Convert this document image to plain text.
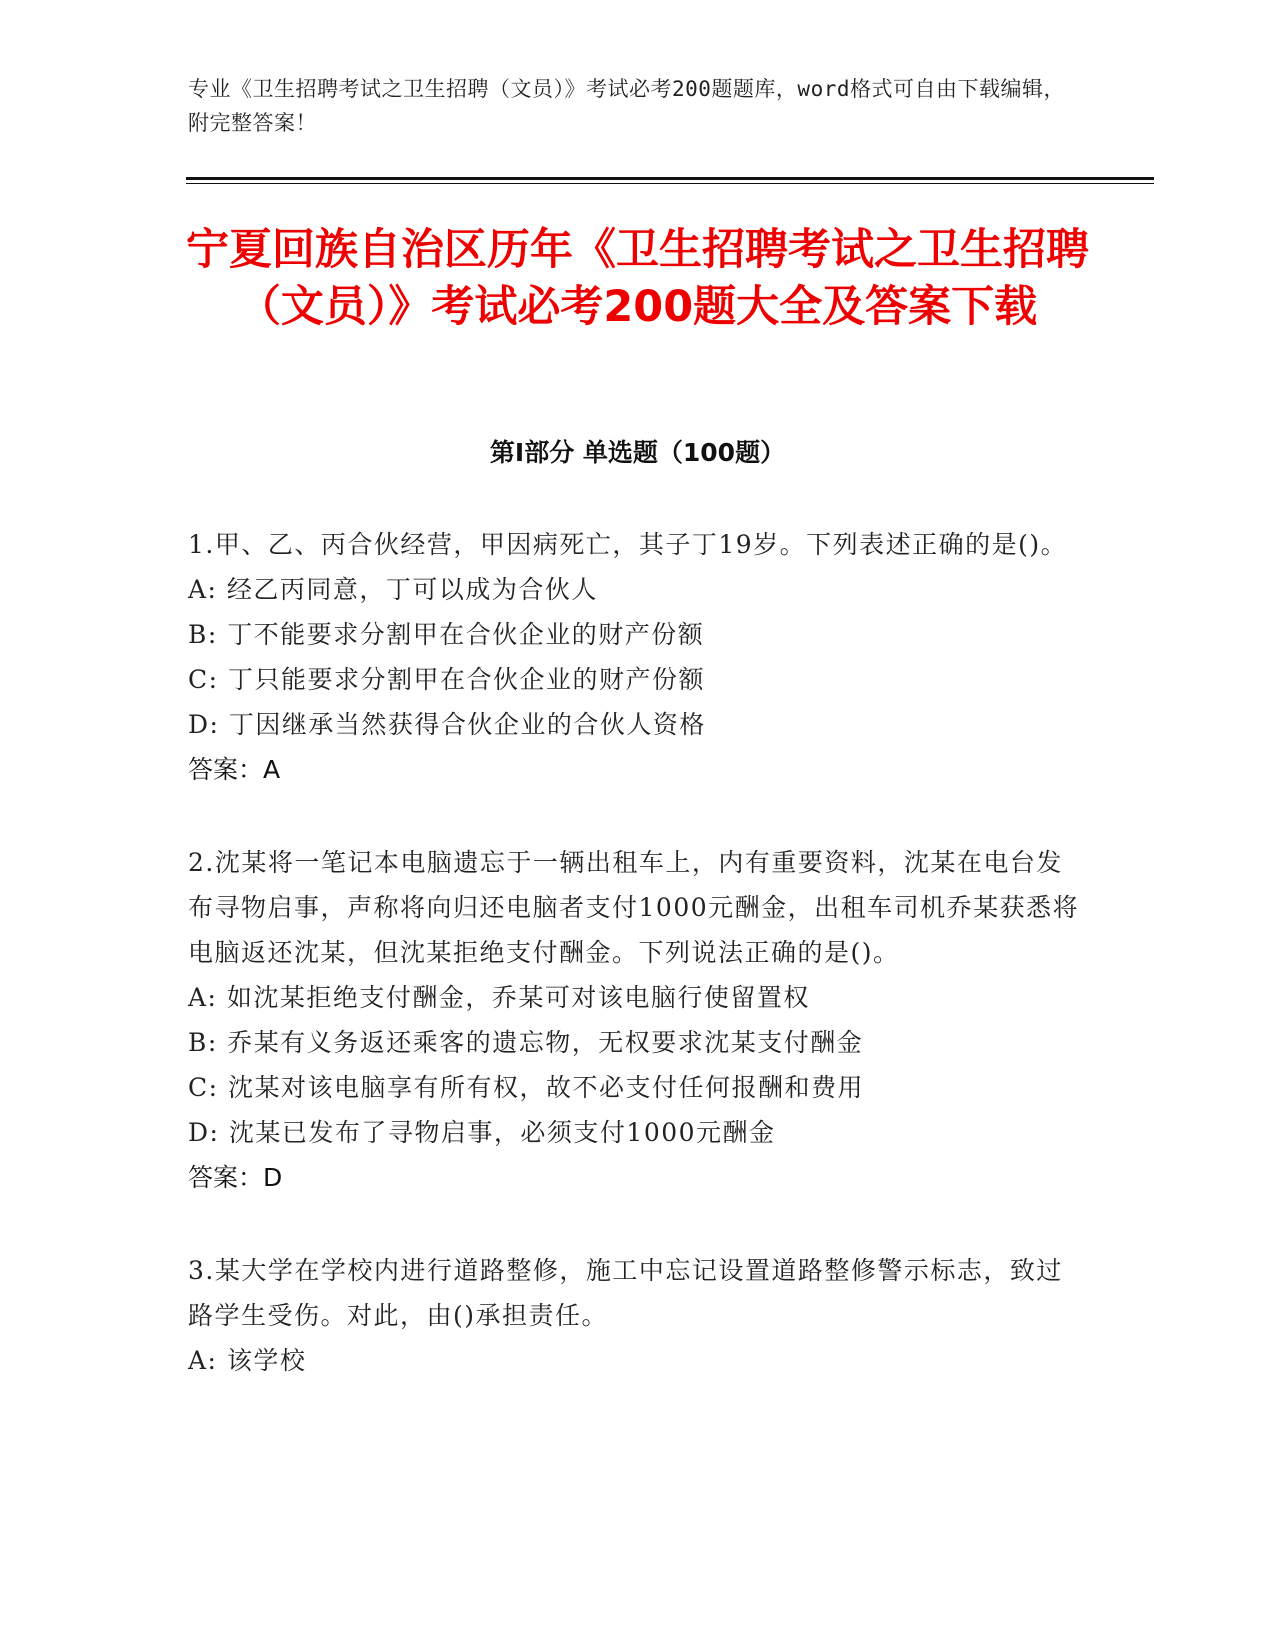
专业《卫生招聘考试之卫生招聘（文员）》考试必考200题题库，word格式可自由下载编辑，附完整答案！
宁夏回族自治区历年《卫生招聘考试之卫生招聘（文员）》考试必考200题大全及答案下载
第Ⅰ部分 单选题（100题）

1.甲、乙、丙合伙经营，甲因病死亡，其子丁19岁。下列表述正确的是()。

A: 经乙丙同意，丁可以成为合伙人

B: 丁不能要求分割甲在合伙企业的财产份额

C: 丁只能要求分割甲在合伙企业的财产份额

D: 丁因继承当然获得合伙企业的合伙人资格

答案：A

2.沈某将一笔记本电脑遗忘于一辆出租车上，内有重要资料，沈某在电台发布寻物启事，声称将向归还电脑者支付1000元酬金，出租车司机乔某获悉将电脑返还沈某，但沈某拒绝支付酬金。下列说法正确的是()。

A: 如沈某拒绝支付酬金，乔某可对该电脑行使留置权

B: 乔某有义务返还乘客的遗忘物，无权要求沈某支付酬金

C: 沈某对该电脑享有所有权，故不必支付任何报酬和费用

D: 沈某已发布了寻物启事，必须支付1000元酬金

答案：D

3.某大学在学校内进行道路整修，施工中忘记设置道路整修警示标志，致过路学生受伤。对此，由()承担责任。

A: 该学校
